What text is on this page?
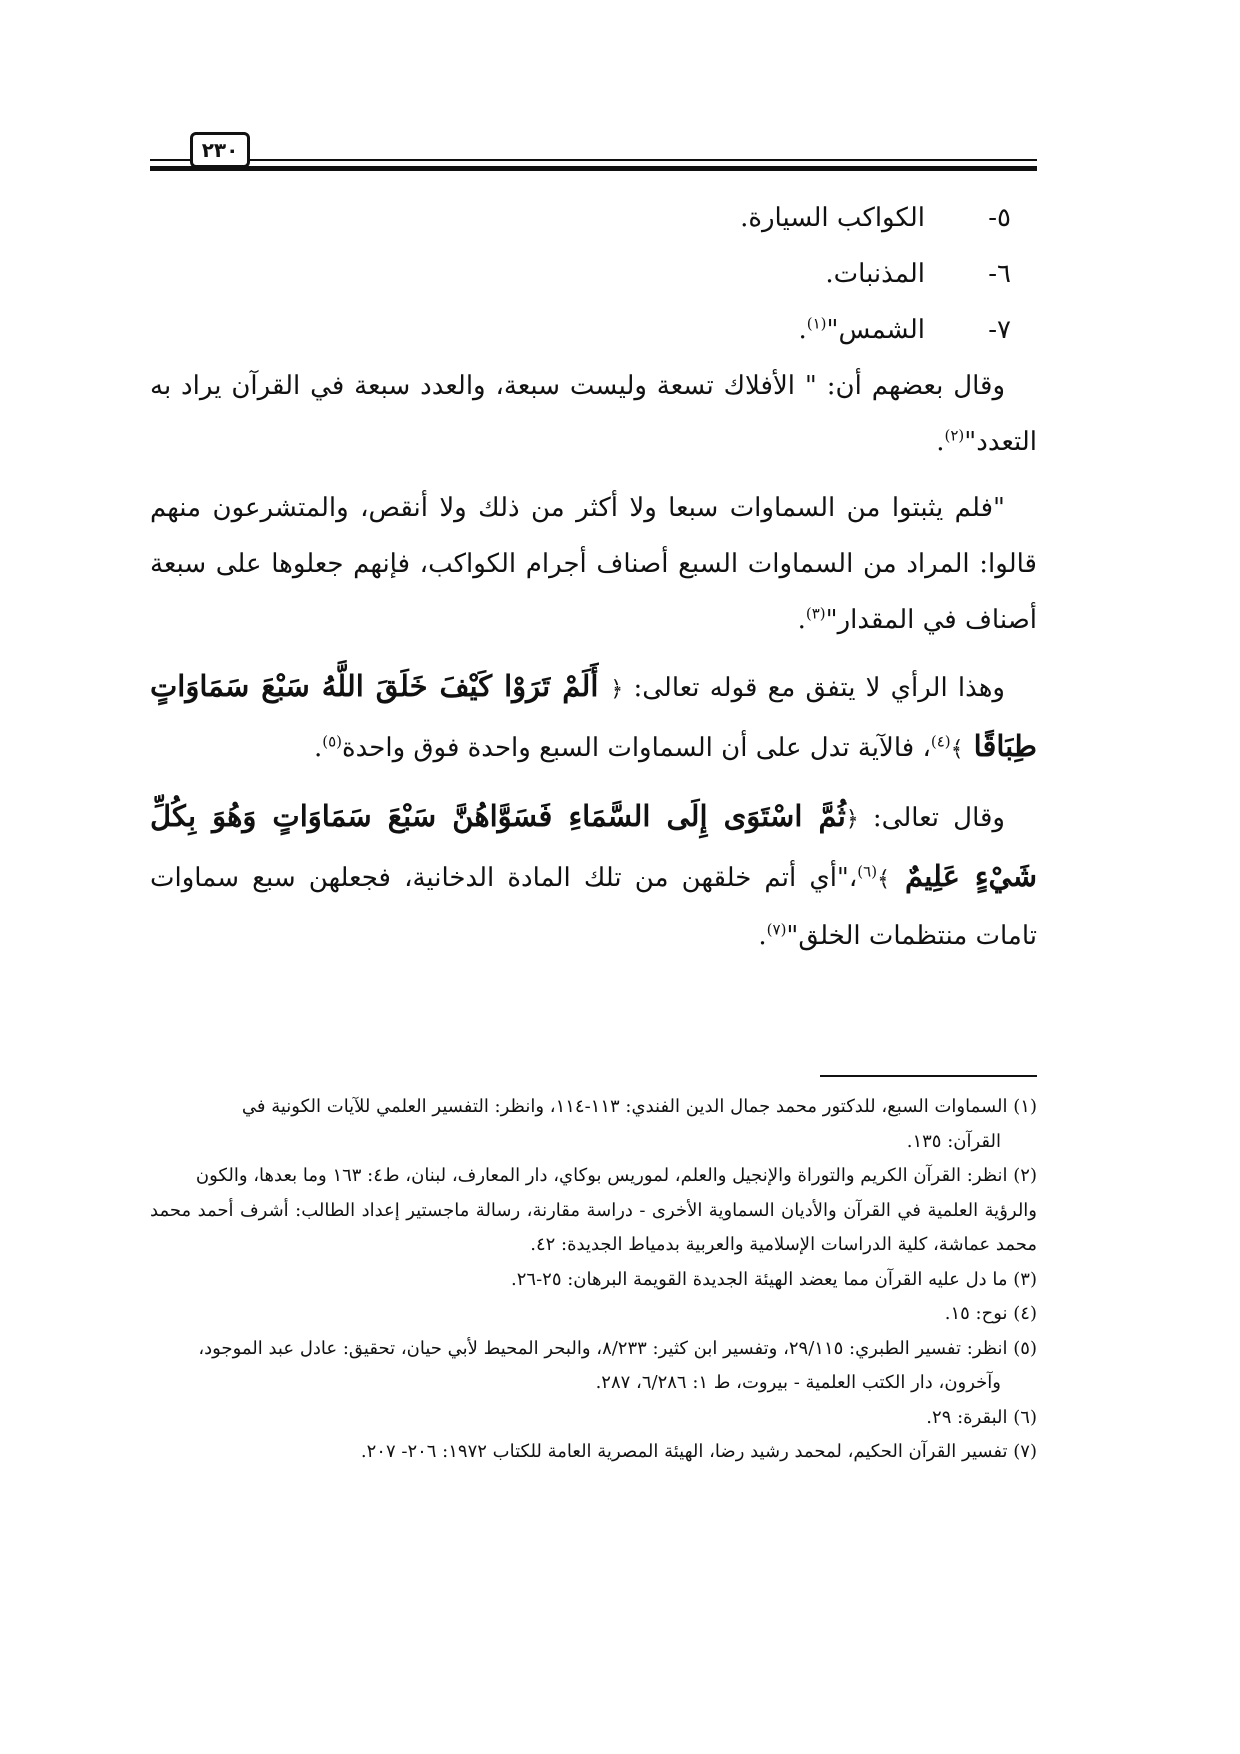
٢٣٠
٥-
الكواكب السيارة.
٦-
المذنبات.
٧-
الشمس"$^{(١)}$.

وقال بعضهم أن: " الأفلاك تسعة وليست سبعة، والعدد سبعة في القرآن يراد به التعدد"$^{(٢)}$.

"فلم يثبتوا من السماوات سبعا ولا أكثر من ذلك ولا أنقص، والمتشرعون منهم قالوا: المراد من السماوات السبع أصناف أجرام الكواكب، فإنهم جعلوها على سبعة أصناف في المقدار"$^{(٣)}$.

وهذا الرأي لا يتفق مع قوله تعالى: ﴿ أَلَمْ تَرَوْا كَيْفَ خَلَقَ اللَّهُ سَبْعَ سَمَاوَاتٍ طِبَاقًا ﴾$^{(٤)}$، فالآية تدل على أن السماوات السبع واحدة فوق واحدة$^{(٥)}$.

وقال تعالى: ﴿ثُمَّ اسْتَوَى إِلَى السَّمَاءِ فَسَوَّاهُنَّ سَبْعَ سَمَاوَاتٍ وَهُوَ بِكُلِّ شَيْءٍ عَلِيمٌ ﴾$^{(٦)}$،"أي أتم خلقهن من تلك المادة الدخانية، فجعلهن سبع سماوات تامات منتظمات الخلق"$^{(٧)}$.

(١) السماوات السبع، للدكتور محمد جمال الدين الفندي: ١١٣-١١٤، وانظر: التفسير العلمي للآيات الكونية في
القرآن: ١٣٥.

(٢) انظر: القرآن الكريم والتوراة والإنجيل والعلم، لموريس بوكاي، دار المعارف، لبنان، ط٤: ١٦٣ وما بعدها، والكون
والرؤية العلمية في القرآن والأديان السماوية الأخرى - دراسة مقارنة، رسالة ماجستير إعداد الطالب: أشرف أحمد محمد محمد عماشة، كلية الدراسات الإسلامية والعربية بدمياط الجديدة: ٤٢.

(٣) ما دل عليه القرآن مما يعضد الهيئة الجديدة القويمة البرهان: ٢٥-٢٦.

(٤) نوح: ١٥.

(٥) انظر: تفسير الطبري: ٢٩/١١٥، وتفسير ابن كثير: ٨/٢٣٣، والبحر المحيط لأبي حيان، تحقيق: عادل عبد الموجود،
وآخرون، دار الكتب العلمية - بيروت، ط ١: ٦/٢٨٦، ٢٨٧.

(٦) البقرة: ٢٩.

(٧) تفسير القرآن الحكيم، لمحمد رشيد رضا، الهيئة المصرية العامة للكتاب ١٩٧٢: ٢٠٦- ٢٠٧.
